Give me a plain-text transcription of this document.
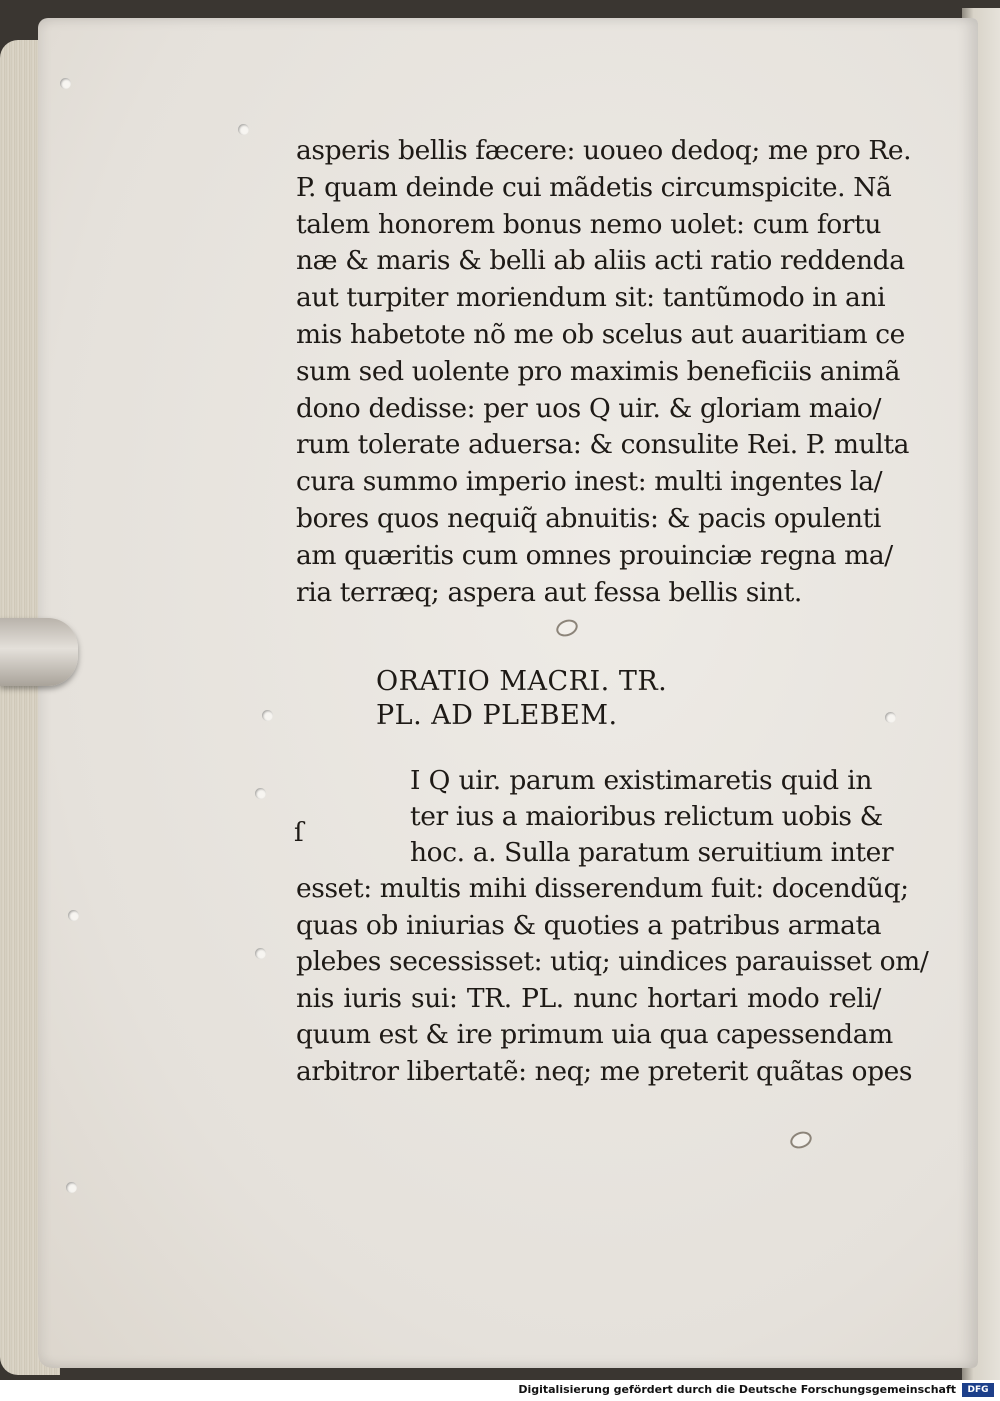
asperis bellis fæcere: uoueo dedoq; me pro Re.
P. quam deinde cui mãdetis circumspicite. Nã
talem honorem bonus nemo uolet: cum fortu
næ & maris & belli ab aliis acti ratio reddenda
aut turpiter moriendum sit: tantũmodo in ani
mis habetote nõ me ob scelus aut auaritiam ce
sum sed uolente pro maximis beneficiis animã
dono dedisse: per uos Q uir. & gloriam maio/
rum tolerate aduersa: & consulite Rei. P. multa
cura summo imperio inest: multi ingentes la/
bores quos nequiq̃ abnuitis: & pacis opulenti
am quæritis cum omnes prouinciæ regna ma/
ria terræq; aspera aut fessa bellis sint.
ORATIO MACRI. TR.
PL. AD PLEBEM.
ſ
I Q uir. parum existimaretis quid in
ter ius a maioribus relictum uobis &
hoc. a. Sulla paratum seruitium inter
esset: multis mihi disserendum fuit: docendũq;
quas ob iniurias & quoties a patribus armata
plebes secessisset: utiq; uindices parauisset om/
nis iuris sui: TR. PL. nunc hortari modo reli/
quum est & ire primum uia qua capessendam
arbitror libertatẽ: neq; me preterit quãtas opes
Digitalisierung gefördert durch die Deutsche Forschungsgemeinschaft	DFG
